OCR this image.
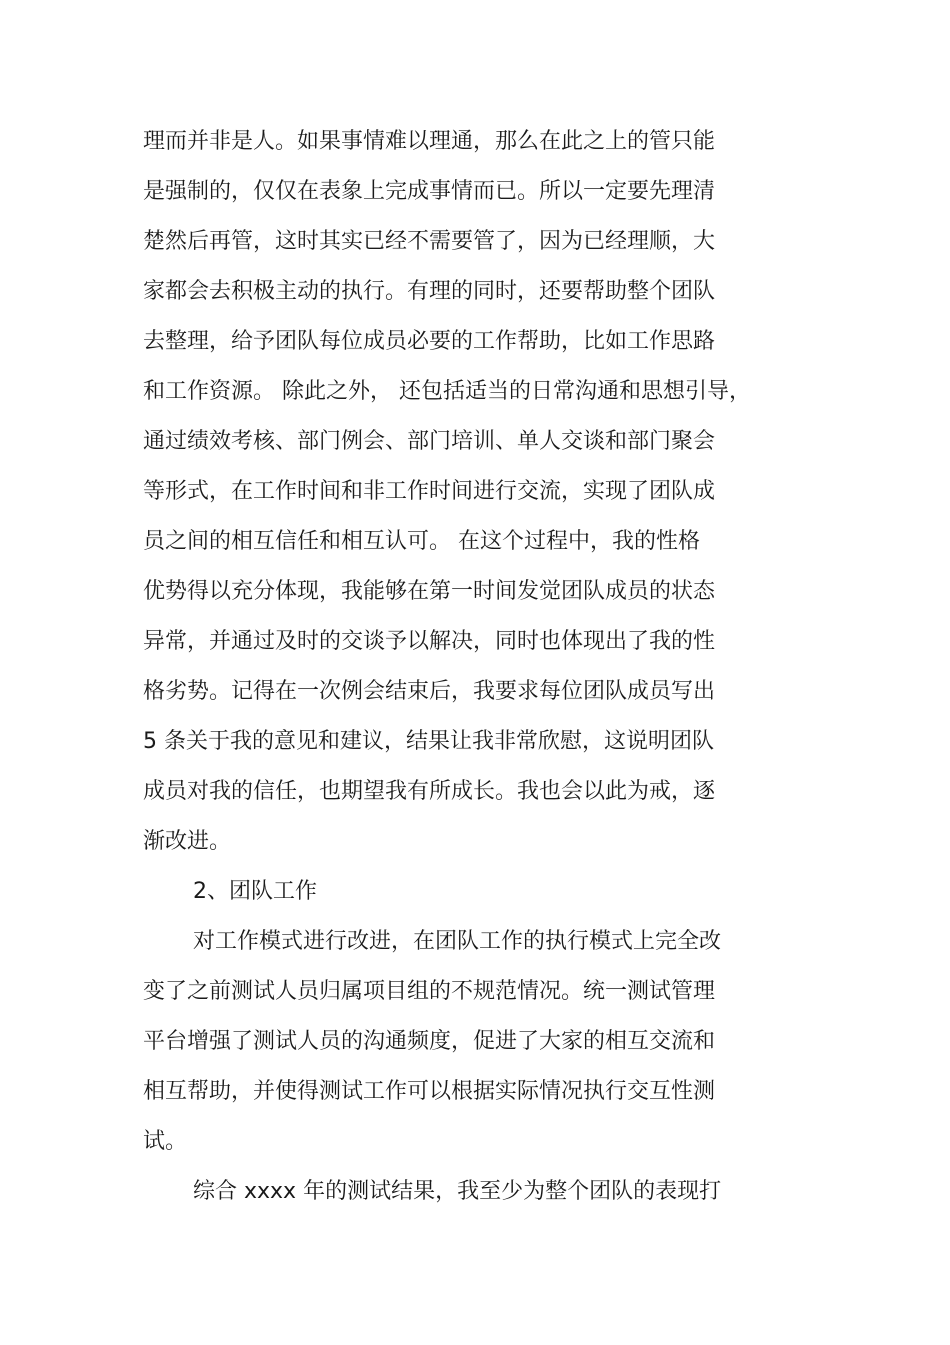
理而并非是人。如果事情难以理通，那么在此之上的管只能

是强制的，仅仅在表象上完成事情而已。所以一定要先理清

楚然后再管，这时其实已经不需要管了，因为已经理顺，大

家都会去积极主动的执行。有理的同时，还要帮助整个团队

去整理，给予团队每位成员必要的工作帮助，比如工作思路

和工作资源。 除此之外， 还包括适当的日常沟通和思想引导，

通过绩效考核、部门例会、部门培训、单人交谈和部门聚会

等形式，在工作时间和非工作时间进行交流，实现了团队成

员之间的相互信任和相互认可。 在这个过程中，我的性格

优势得以充分体现，我能够在第一时间发觉团队成员的状态

异常，并通过及时的交谈予以解决，同时也体现出了我的性

格劣势。记得在一次例会结束后，我要求每位团队成员写出

5 条关于我的意见和建议，结果让我非常欣慰，这说明团队

成员对我的信任，也期望我有所成长。我也会以此为戒，逐

渐改进。

2、团队工作

对工作模式进行改进，在团队工作的执行模式上完全改

变了之前测试人员归属项目组的不规范情况。统一测试管理

平台增强了测试人员的沟通频度，促进了大家的相互交流和

相互帮助，并使得测试工作可以根据实际情况执行交互性测

试。

综合 xxxx 年的测试结果，我至少为整个团队的表现打
